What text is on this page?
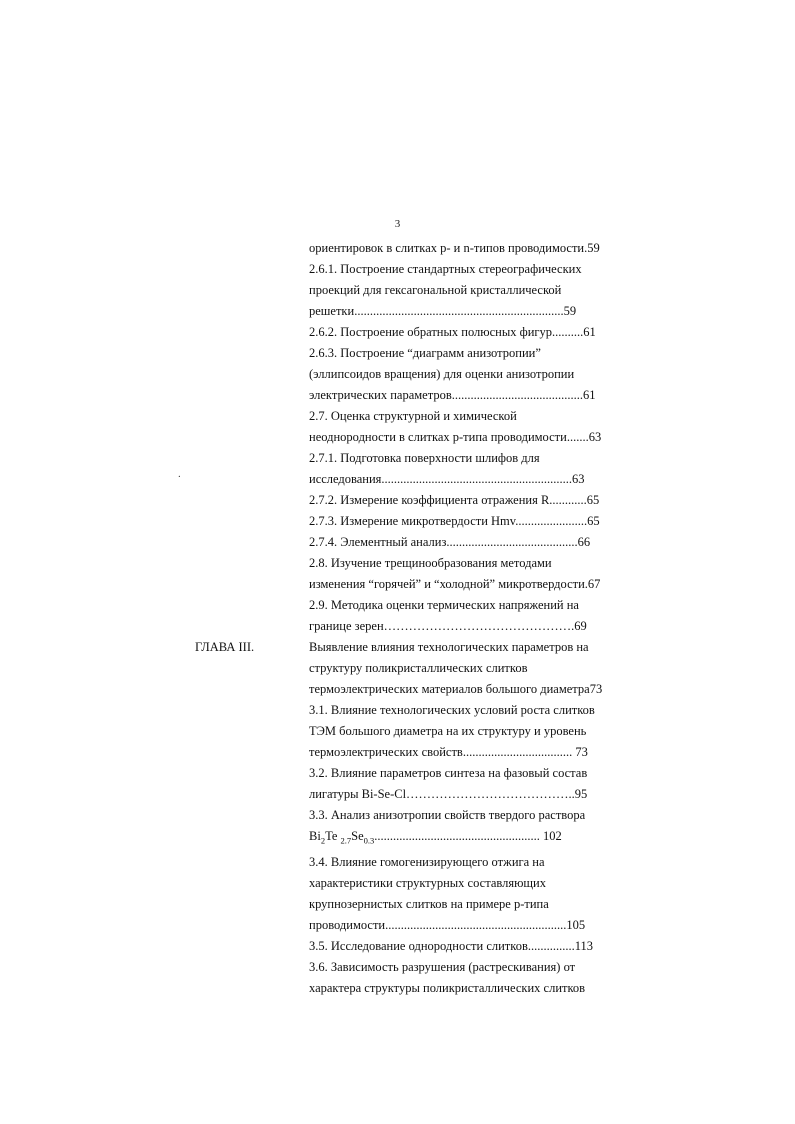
3
.
ориентировок в слитках p- и n-типов проводимости.59
2.6.1. Построение стандартных стереографических
проекций для гексагональной кристаллической
решетки...................................................................59
2.6.2. Построение обратных полюсных фигур..........61
2.6.3. Построение “диаграмм анизотропии”
(эллипсоидов вращения) для оценки анизотропии
электрических параметров..........................................61
2.7. Оценка структурной и химической
неоднородности в слитках p-типа проводимости.......63
2.7.1. Подготовка поверхности шлифов для
исследования.............................................................63
2.7.2. Измерение коэффициента отражения R............65
2.7.3. Измерение микротвердости Hmv.......................65
2.7.4. Элементный анализ..........................................66
2.8. Изучение трещинообразования методами
изменения “горячей” и “холодной” микротвердости.67
2.9. Методика оценки термических напряжений на
границе зерен……………………………………….69
ГЛАВА III.	Выявление влияния технологических параметров на
структуру поликристаллических слитков
термоэлектрических материалов большого диаметра73
3.1. Влияние технологических условий роста слитков
ТЭМ большого диаметра на их структуру и уровень
термоэлектрических свойств................................... 73
3.2. Влияние параметров синтеза на фазовый состав
лигатуры Bi-Se-Cl…………………………………..95
3.3. Анализ анизотропии свойств твердого раствора
$Bi_2Te$ $_{2.7}Se_{0.3}$..................................................... 102
3.4. Влияние гомогенизирующего отжига на
характеристики структурных составляющих
крупнозернистых слитков на примере p-типа
проводимости..........................................................105
3.5. Исследование однородности слитков...............113
3.6. Зависимость разрушения (растрескивания) от
характера структуры поликристаллических слитков
